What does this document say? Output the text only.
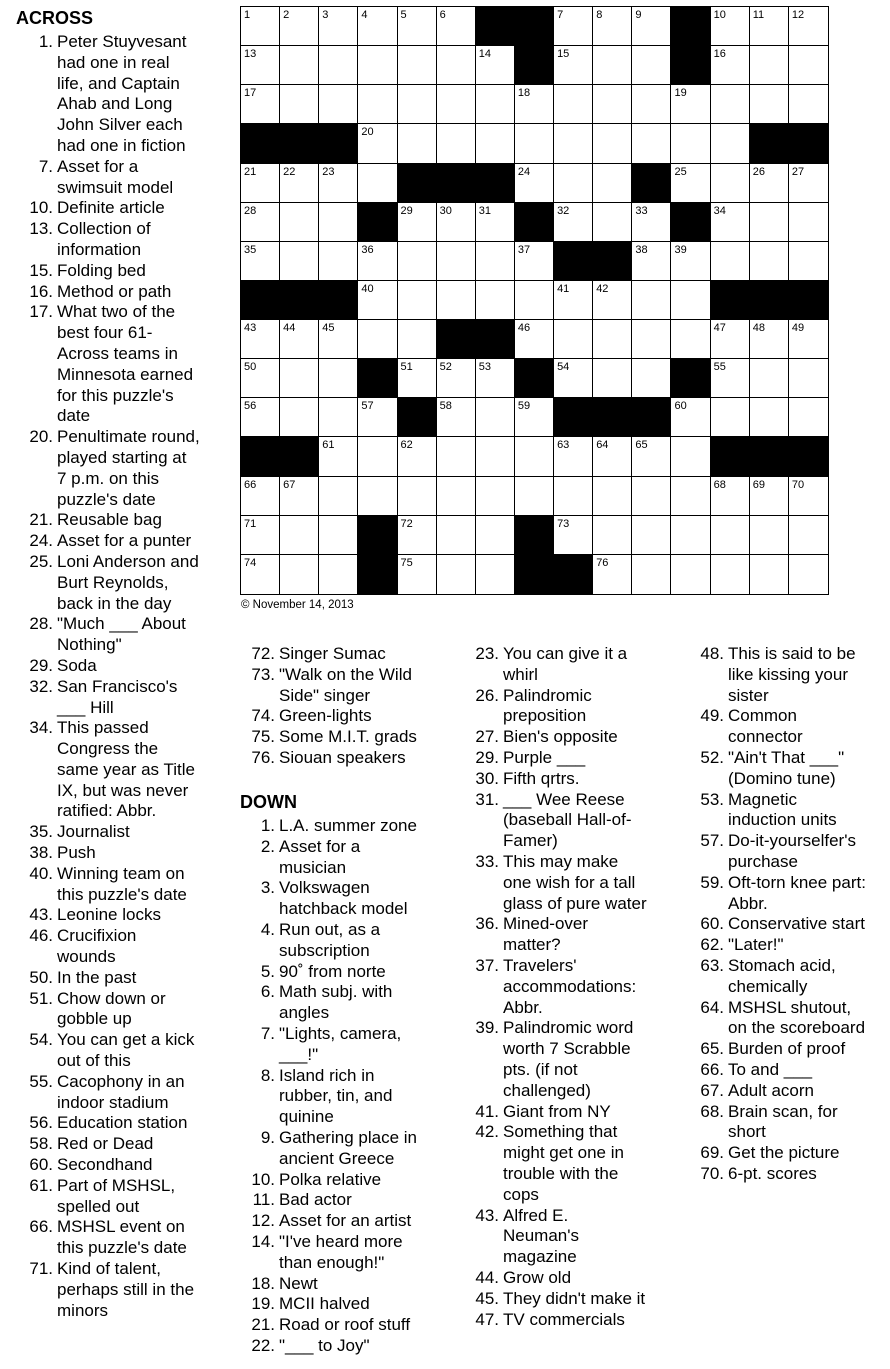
ACROSS
1. Peter Stuyvesant
had one in real
life, and Captain
Ahab and Long
John Silver each
had one in fiction
7. Asset for a
swimsuit model
10. Definite article
13. Collection of
information
15. Folding bed
16. Method or path
17. What two of the
best four 61-
Across teams in
Minnesota earned
for this puzzle's
date
20. Penultimate round,
played starting at
7 p.m. on this
puzzle's date
21. Reusable bag
24. Asset for a punter
25. Loni Anderson and
Burt Reynolds,
back in the day
28. "Much ___ About
Nothing"
29. Soda
32. San Francisco's
___ Hill
34. This passed
Congress the
same year as Title
IX, but was never
ratified: Abbr.
35. Journalist
38. Push
40. Winning team on
this puzzle's date
43. Leonine locks
46. Crucifixion
wounds
50. In the past
51. Chow down or
gobble up
54. You can get a kick
out of this
55. Cacophony in an
indoor stadium
56. Education station
58. Red or Dead
60. Secondhand
61. Part of MSHSL,
spelled out
66. MSHSL event on
this puzzle's date
71. Kind of talent,
perhaps still in the
minors
1	2	3	4	5	6	7	8	9	10 11	12
13	14	15	16
17	18	19
20
21 22 23	24	25	26 27
28	29 30 31	32	33	34
35	36	37	38 39
40	41 42
43 44 45	46	47 48 49
50	51 52 53	54	55
56	57	58	59	60
61	62	63 64 65
66 67	68 69 70
71	72	73
74	75	76
© November 14, 2013
72. Singer Sumac
73. "Walk on the Wild
Side" singer
74. Green-lights
75. Some M.I.T. grads
76. Siouan speakers
DOWN
1. L.A. summer zone
2. Asset for a
musician
3. Volkswagen
hatchback model
4. Run out, as a
subscription
5. 90˚ from norte
6. Math subj. with
angles
7. "Lights, camera,
___!"
8. Island rich in
rubber, tin, and
quinine
9. Gathering place in
ancient Greece
10. Polka relative
11. Bad actor
12. Asset for an artist
14. "I've heard more
than enough!"
18. Newt
19. MCII halved
21. Road or roof stuff
22. "___ to Joy"
23. You can give it a
whirl
26. Palindromic
preposition
27. Bien's opposite
29. Purple ___
30. Fifth qrtrs.
31. ___ Wee Reese
(baseball Hall-of-
Famer)
33. This may make
one wish for a tall
glass of pure water
36. Mined-over
matter?
37. Travelers'
accommodations:
Abbr.
39. Palindromic word
worth 7 Scrabble
pts. (if not
challenged)
41. Giant from NY
42. Something that
might get one in
trouble with the
cops
43. Alfred E.
Neuman's
magazine
44. Grow old
45. They didn't make it
47. TV commercials
48. This is said to be
like kissing your
sister
49. Common
connector
52. "Ain't That ___"
(Domino tune)
53. Magnetic
induction units
57. Do-it-yourselfer's
purchase
59. Oft-torn knee part:
Abbr.
60. Conservative start
62. "Later!"
63. Stomach acid,
chemically
64. MSHSL shutout,
on the scoreboard
65. Burden of proof
66. To and ___
67. Adult acorn
68. Brain scan, for
short
69. Get the picture
70. 6-pt. scores
